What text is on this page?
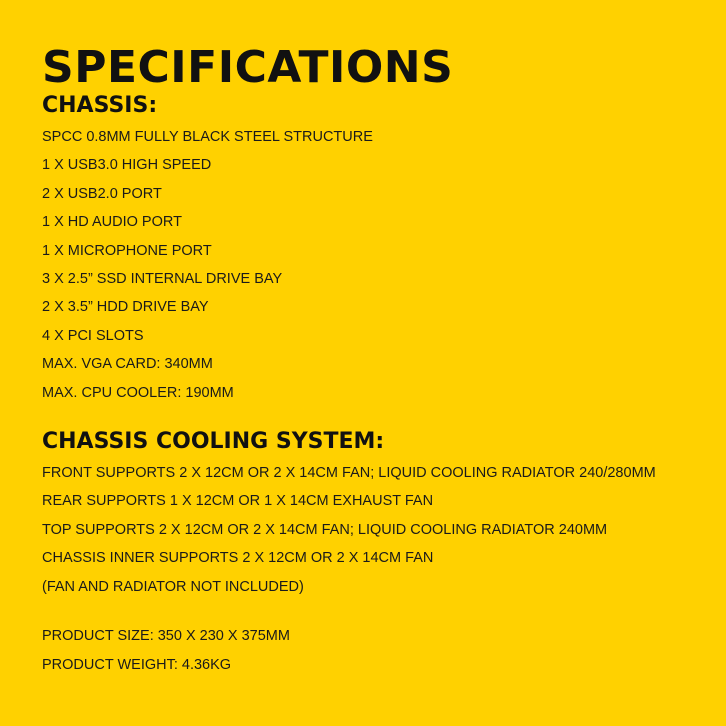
SPECIFICATIONS
CHASSIS:
SPCC 0.8MM FULLY BLACK STEEL STRUCTURE
1 X USB3.0 HIGH SPEED
2 X USB2.0 PORT
1 X HD AUDIO PORT
1 X MICROPHONE PORT
3 X 2.5” SSD INTERNAL DRIVE BAY
2 X 3.5” HDD DRIVE BAY
4 X PCI SLOTS
MAX. VGA CARD: 340MM
MAX. CPU COOLER: 190MM
CHASSIS COOLING SYSTEM:
FRONT SUPPORTS 2 X 12CM OR 2 X 14CM FAN; LIQUID COOLING RADIATOR 240/280MM
REAR SUPPORTS 1 X 12CM OR 1 X 14CM EXHAUST FAN
TOP SUPPORTS 2 X 12CM OR 2 X 14CM FAN; LIQUID COOLING RADIATOR 240MM
CHASSIS INNER SUPPORTS 2 X 12CM OR 2 X 14CM FAN
(FAN AND RADIATOR NOT INCLUDED)
PRODUCT SIZE: 350 X 230 X 375MM
PRODUCT WEIGHT: 4.36KG
